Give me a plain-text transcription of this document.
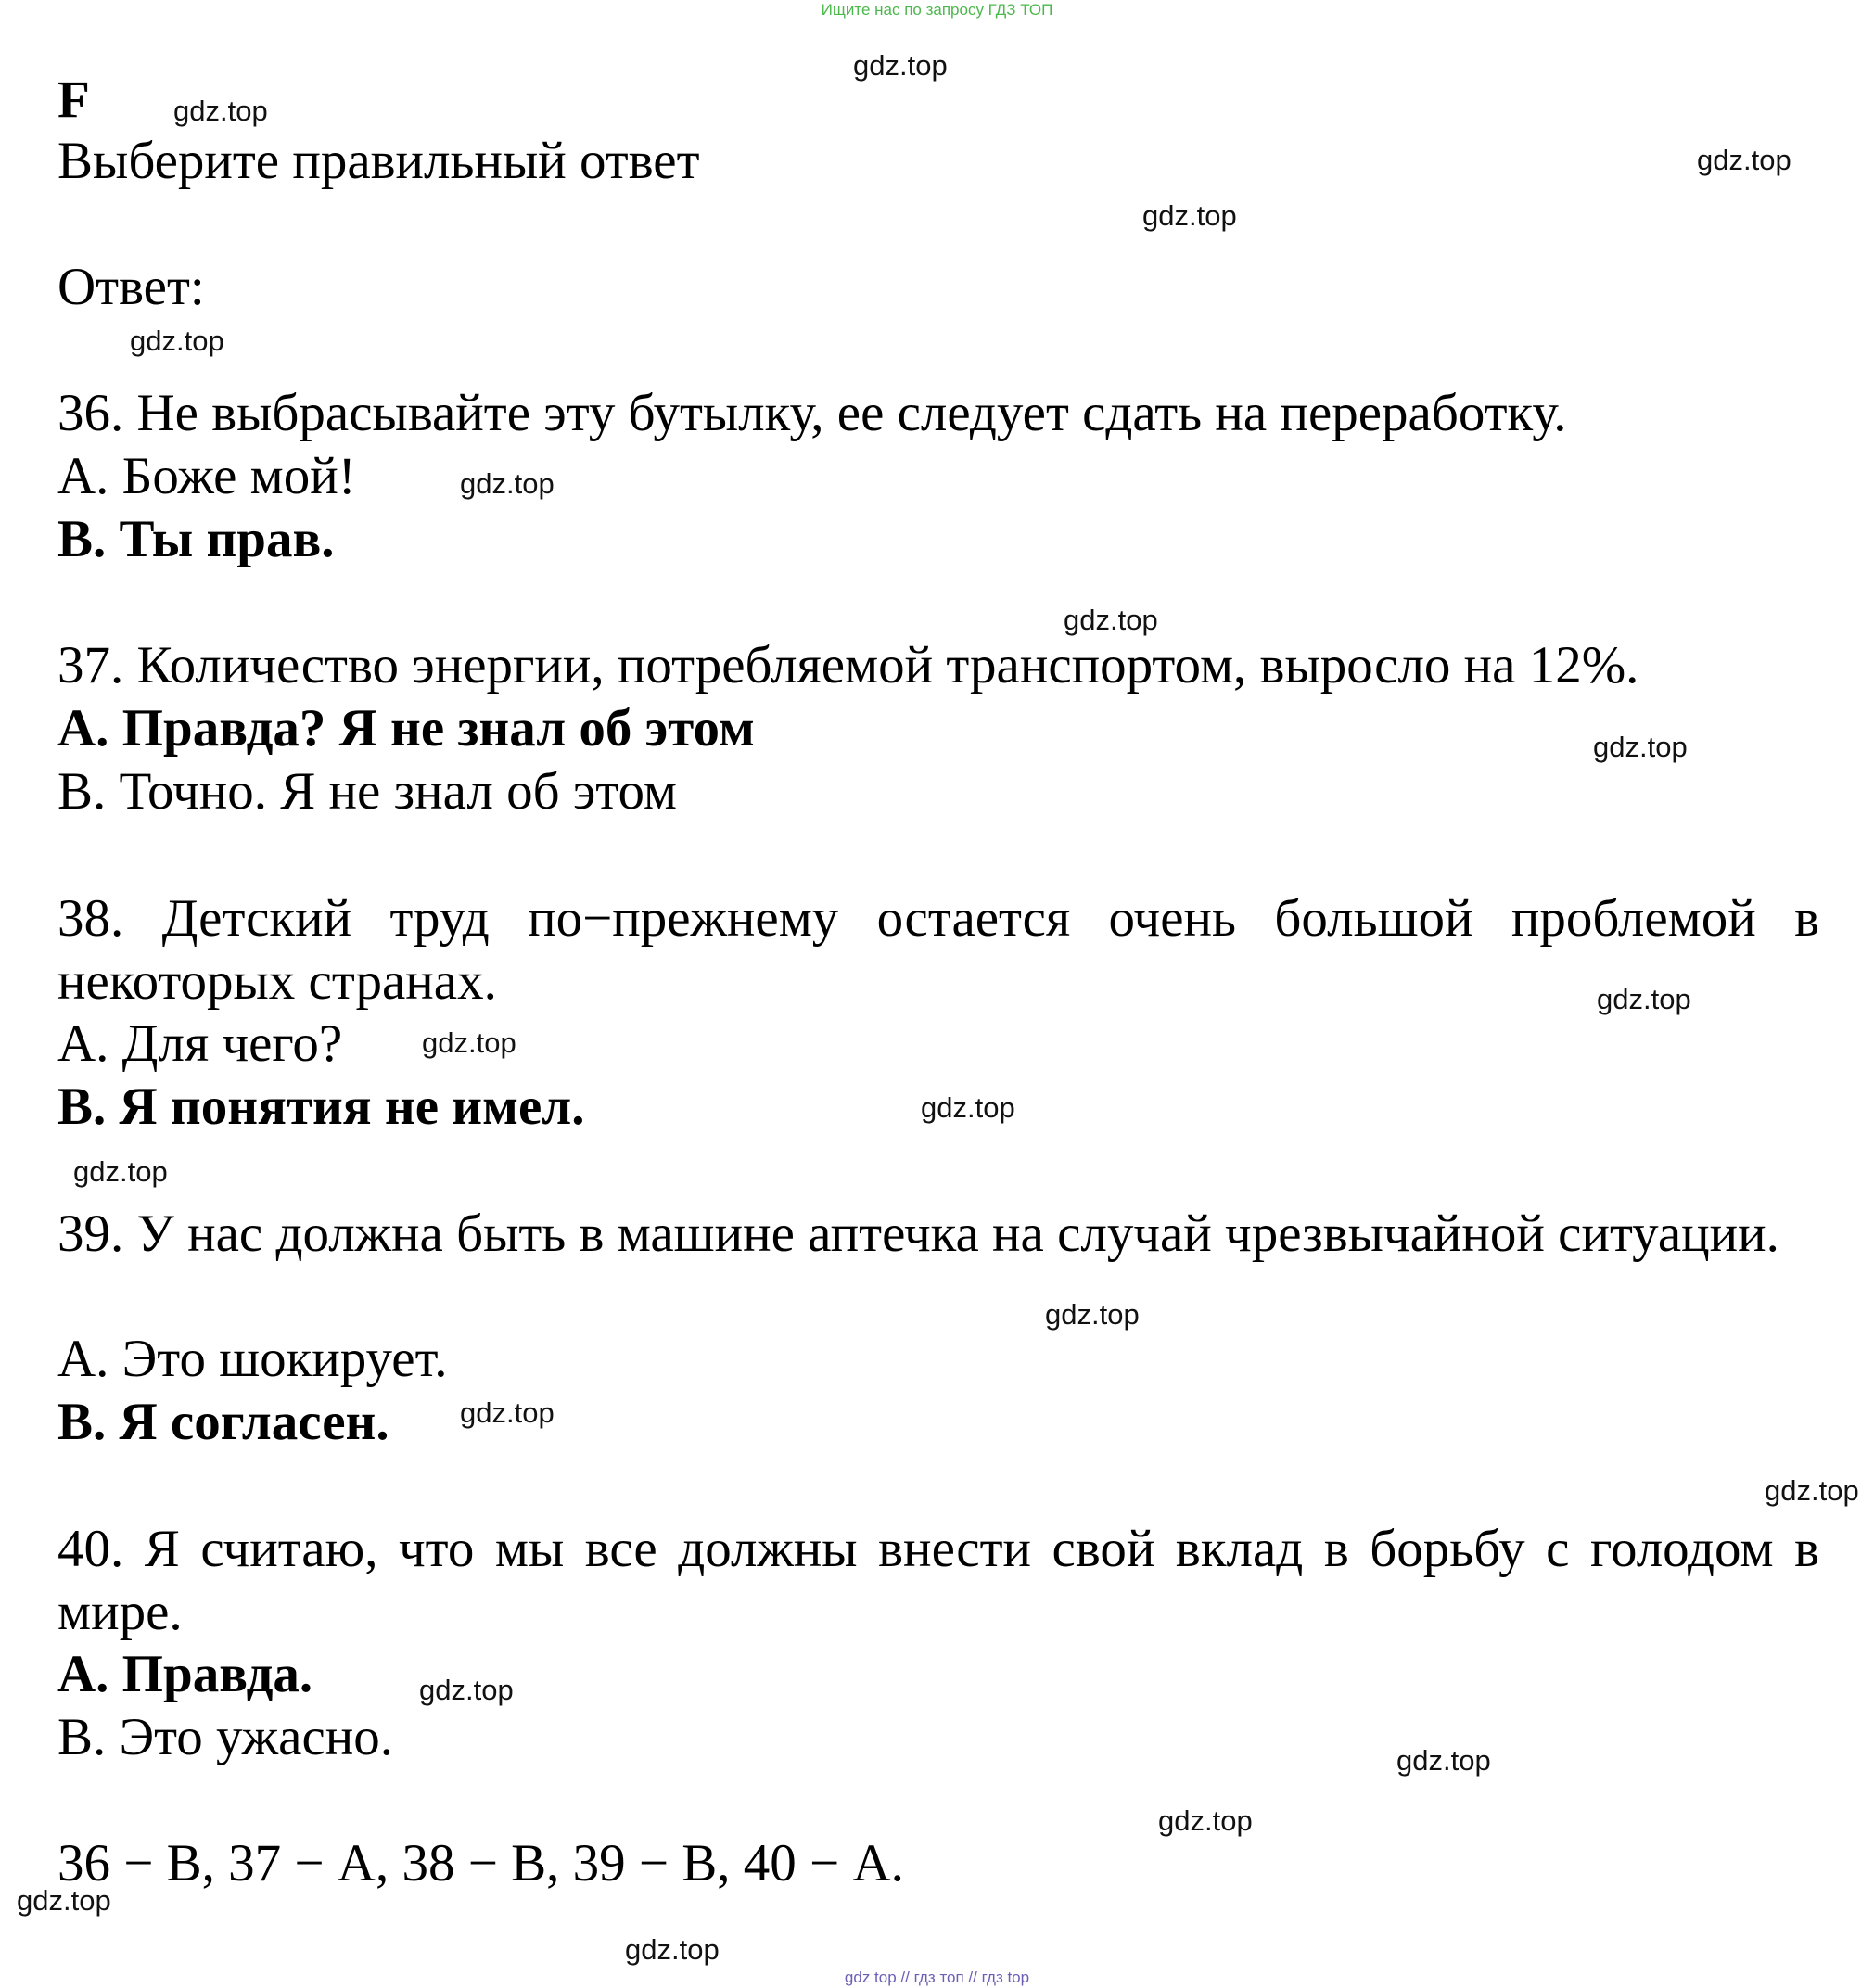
Ищите нас по запросу ГДЗ ТОП
F
Выберите правильный ответ
Ответ:
36. Не выбрасывайте эту бутылку, ее следует сдать на переработку.
А. Боже мой!
В. Ты прав.
37. Количество энергии, потребляемой транспортом, выросло на 12%.
А. Правда? Я не знал об этом
В. Точно. Я не знал об этом
38. Детский труд по−прежнему остается очень большой проблемой в некоторых странах.
А. Для чего?
В. Я понятия не имел.
39. У нас должна быть в машине аптечка на случай чрезвычайной ситуации.
А. Это шокирует.
В. Я согласен.
40. Я считаю, что мы все должны внести свой вклад в борьбу с голодом в мире.
А. Правда.
В. Это ужасно.
36 − В, 37 − А, 38 − В, 39 − В, 40 − А.
gdz.top
gdz.top
gdz.top
gdz.top
gdz.top
gdz.top
gdz.top
gdz.top
gdz.top
gdz.top
gdz.top
gdz.top
gdz.top
gdz.top
gdz.top
gdz.top
gdz.top
gdz.top
gdz.top
gdz.top
gdz top // гдз топ // гдз top
